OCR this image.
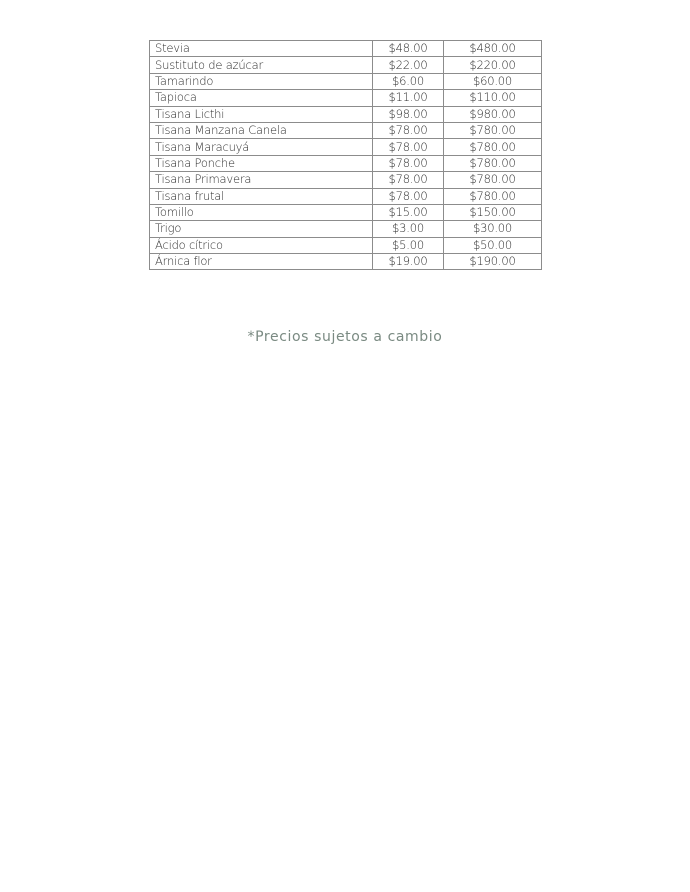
Stevia	$48.00	$480.00
Sustituto de azúcar	$22.00	$220.00
Tamarindo	$6.00	$60.00
Tapioca	$11.00	$110.00
Tisana Licthi	$98.00	$980.00
Tisana Manzana Canela	$78.00	$780.00
Tisana Maracuyá	$78.00	$780.00
Tisana Ponche	$78.00	$780.00
Tisana Primavera	$78.00	$780.00
Tisana frutal	$78.00	$780.00
Tomillo	$15.00	$150.00
Trigo	$3.00	$30.00
Ácido cítrico	$5.00	$50.00
Árnica flor	$19.00	$190.00
*Precios sujetos a cambio
